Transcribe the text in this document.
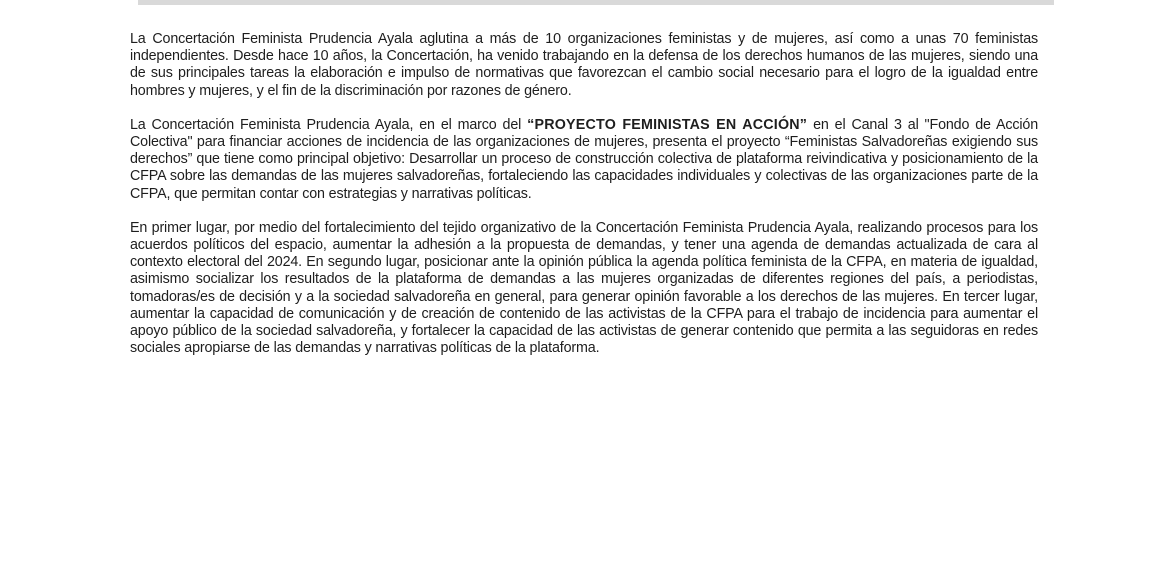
La Concertación Feminista Prudencia Ayala aglutina a más de 10 organizaciones feministas y de mujeres, así como a unas 70 feministas independientes. Desde hace 10 años, la Concertación, ha venido trabajando en la defensa de los derechos humanos de las mujeres, siendo una de sus principales tareas la elaboración e impulso de normativas que favorezcan el cambio social necesario para el logro de la igualdad entre hombres y mujeres, y el fin de la discriminación por razones de género.

La Concertación Feminista Prudencia Ayala, en el marco del “PROYECTO FEMINISTAS EN ACCIÓN” en el Canal 3 al "Fondo de Acción Colectiva" para financiar acciones de incidencia de las organizaciones de mujeres, presenta el proyecto “Feministas Salvadoreñas exigiendo sus derechos” que tiene como principal objetivo: Desarrollar un proceso de construcción colectiva de plataforma reivindicativa y posicionamiento de la CFPA sobre las demandas de las mujeres salvadoreñas, fortaleciendo las capacidades individuales y colectivas de las organizaciones parte de la CFPA, que permitan contar con estrategias y narrativas políticas.

En primer lugar, por medio del fortalecimiento del tejido organizativo de la Concertación Feminista Prudencia Ayala, realizando procesos para los acuerdos políticos del espacio, aumentar la adhesión a la propuesta de demandas, y tener una agenda de demandas actualizada de cara al contexto electoral del 2024. En segundo lugar, posicionar ante la opinión pública la agenda política feminista de la CFPA, en materia de igualdad, asimismo socializar los resultados de la plataforma de demandas a las mujeres organizadas de diferentes regiones del país, a periodistas, tomadoras/es de decisión y a la sociedad salvadoreña en general, para generar opinión favorable a los derechos de las mujeres. En tercer lugar, aumentar la capacidad de comunicación y de creación de contenido de las activistas de la CFPA para el trabajo de incidencia para aumentar el apoyo público de la sociedad salvadoreña, y fortalecer la capacidad de las activistas de generar contenido que permita a las seguidoras en redes sociales apropiarse de las demandas y narrativas políticas de la plataforma.
